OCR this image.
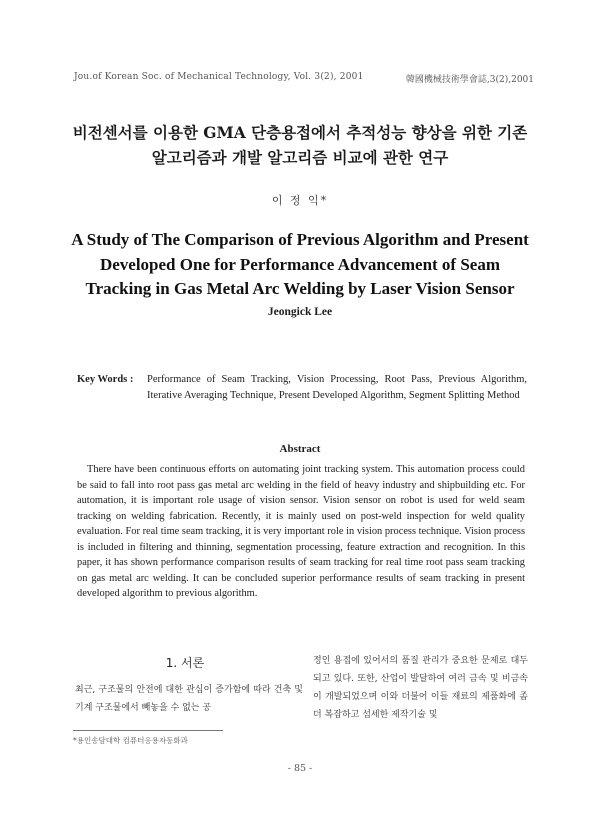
Jou.of Korean Soc. of Mechanical Technology, Vol. 3(2), 2001	韓國機械技術學會誌,3(2),2001
비전센서를 이용한 GMA 단층용접에서 추적성능 향상을 위한 기존
알고리즘과 개발 알고리즘 비교에 관한 연구
이 정 익*
A Study of The Comparison of Previous Algorithm and Present
Developed One for Performance Advancement of Seam
Tracking in Gas Metal Arc Welding by Laser Vision Sensor
Jeongick Lee
Key Words : Performance of Seam Tracking, Vision Processing, Root Pass, Previous Algorithm, Iterative Averaging Technique, Present Developed Algorithm, Segment Splitting Method
Abstract
There have been continuous efforts on automating joint tracking system. This automation process could be said to fall into root pass gas metal arc welding in the field of heavy industry and shipbuilding etc. For automation, it is important role usage of vision sensor. Vision sensor on robot is used for weld seam tracking on welding fabrication. Recently, it is mainly used on post-weld inspection for weld quality evaluation. For real time seam tracking, it is very important role in vision process technique. Vision process is included in filtering and thinning, segmentation processing, feature extraction and recognition. In this paper, it has shown performance comparison results of seam tracking for real time root pass seam tracking on gas metal arc welding. It can be concluded superior performance results of seam tracking in present developed algorithm to previous algorithm.
1. 서론
최근, 구조물의 안전에 대한 관심이 증가함에 따라 건축 및 기계 구조물에서 빼놓을 수 없는 공
정인 용접에 있어서의 품질 관리가 중요한 문제로 대두되고 있다. 또한, 산업이 발달하여 여러 금속 및 비금속이 개발되었으며 이와 더불어 이들 재료의 제품화에 좀더 복잡하고 섬세한 제작기술 및
*용인송담대학 컴퓨터응용자동화과
- 85 -
